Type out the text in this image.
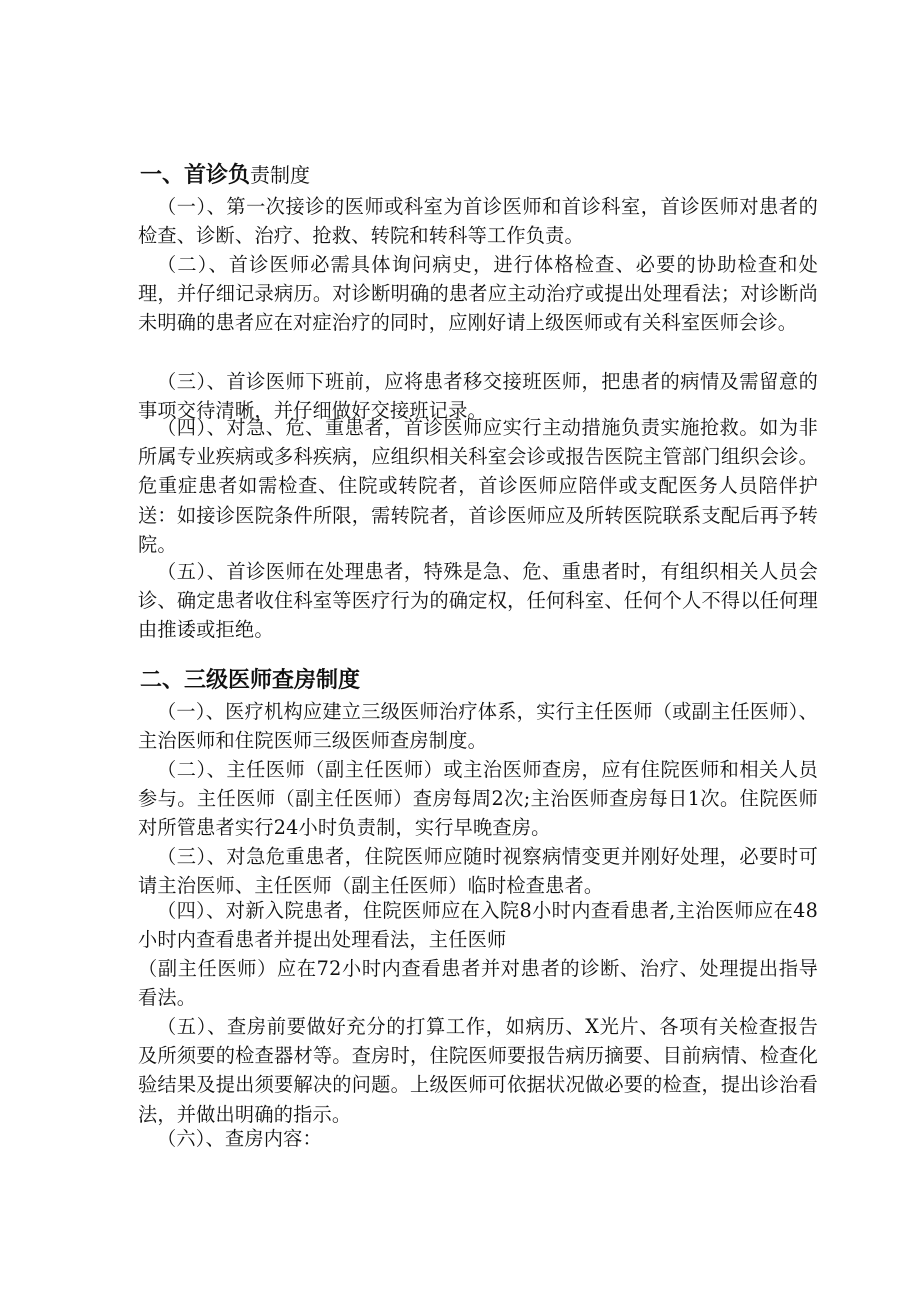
一、首诊负责制度
（一）、第一次接诊的医师或科室为首诊医师和首诊科室，首诊医师对患者的检查、诊断、治疗、抢救、转院和转科等工作负责。
（二）、首诊医师必需具体询问病史，进行体格检查、必要的协助检查和处理，并仔细记录病历。对诊断明确的患者应主动治疗或提出处理看法；对诊断尚未明确的患者应在对症治疗的同时，应刚好请上级医师或有关科室医师会诊。
（三）、首诊医师下班前，应将患者移交接班医师，把患者的病情及需留意的事项交待清晰，并仔细做好交接班记录。
（四）、对急、危、重患者，首诊医师应实行主动措施负责实施抢救。如为非所属专业疾病或多科疾病，应组织相关科室会诊或报告医院主管部门组织会诊。危重症患者如需检查、住院或转院者，首诊医师应陪伴或支配医务人员陪伴护送：如接诊医院条件所限，需转院者，首诊医师应及所转医院联系支配后再予转院。
（五）、首诊医师在处理患者，特殊是急、危、重患者时，有组织相关人员会诊、确定患者收住科室等医疗行为的确定权，任何科室、任何个人不得以任何理由推诿或拒绝。
二、三级医师查房制度
（一）、医疗机构应建立三级医师治疗体系，实行主任医师（或副主任医师）、主治医师和住院医师三级医师查房制度。
（二）、主任医师（副主任医师）或主治医师查房，应有住院医师和相关人员参与。主任医师（副主任医师）查房每周2次;主治医师查房每日1次。住院医师对所管患者实行24小时负责制，实行早晚查房。
（三）、对急危重患者，住院医师应随时视察病情变更并刚好处理，必要时可请主治医师、主任医师（副主任医师）临时检查患者。
（四）、对新入院患者，住院医师应在入院8小时内查看患者,主治医师应在48小时内查看患者并提出处理看法，主任医师
（副主任医师）应在72小时内查看患者并对患者的诊断、治疗、处理提出指导看法。
（五）、查房前要做好充分的打算工作，如病历、X光片、各项有关检查报告及所须要的检查器材等。查房时，住院医师要报告病历摘要、目前病情、检查化验结果及提出须要解决的问题。上级医师可依据状况做必要的检查，提出诊治看法，并做出明确的指示。
（六）、查房内容：
